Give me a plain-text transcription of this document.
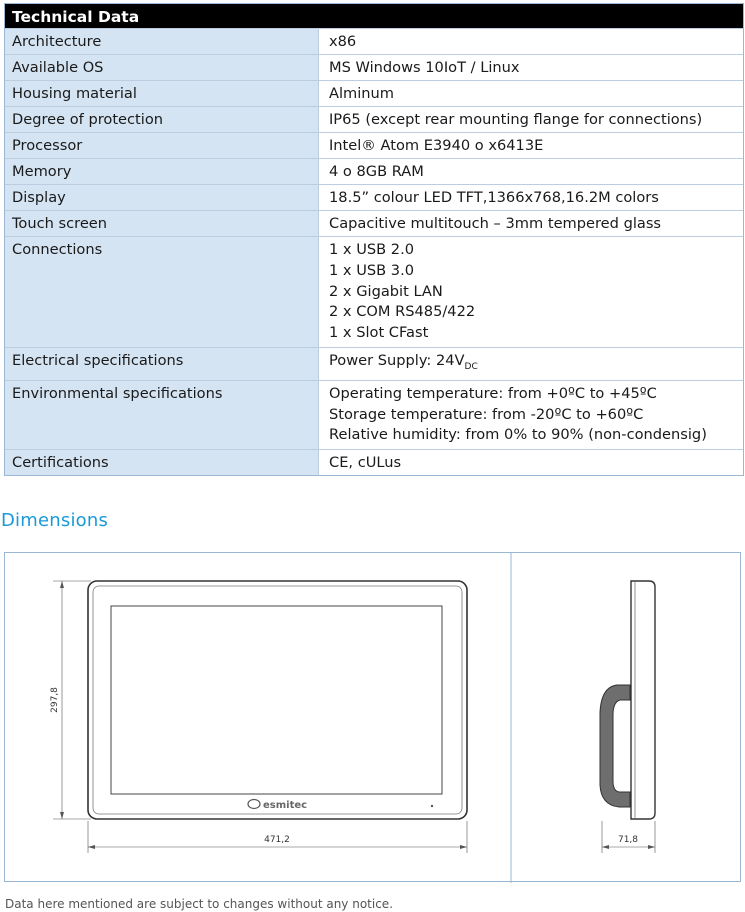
Technical Data
Architecture	x86
Available OS	MS Windows 10IoT / Linux
Housing material	Alminum
Degree of protection	IP65 (except rear mounting flange for connections)
Processor	Intel® Atom E3940 o x6413E
Memory	4 o 8GB RAM
Display	18.5” colour LED TFT,1366x768,16.2M colors
Touch screen	Capacitive multitouch – 3mm tempered glass
Connections	1 x USB 2.0
1 x USB 3.0
2 x Gigabit LAN
2 x COM RS485/422
1 x Slot CFast
Electrical specifications	Power Supply: $24V_{DC}$
Environmental specifications	Operating temperature: from +0ºC to +45ºC
Storage temperature: from -20ºC to +60ºC
Relative humidity: from 0% to 90% (non-condensig)
Certifications	CE, cULus
Dimensions
esmitec
297,8
471,2	71,8
Data here mentioned are subject to changes without any notice.
